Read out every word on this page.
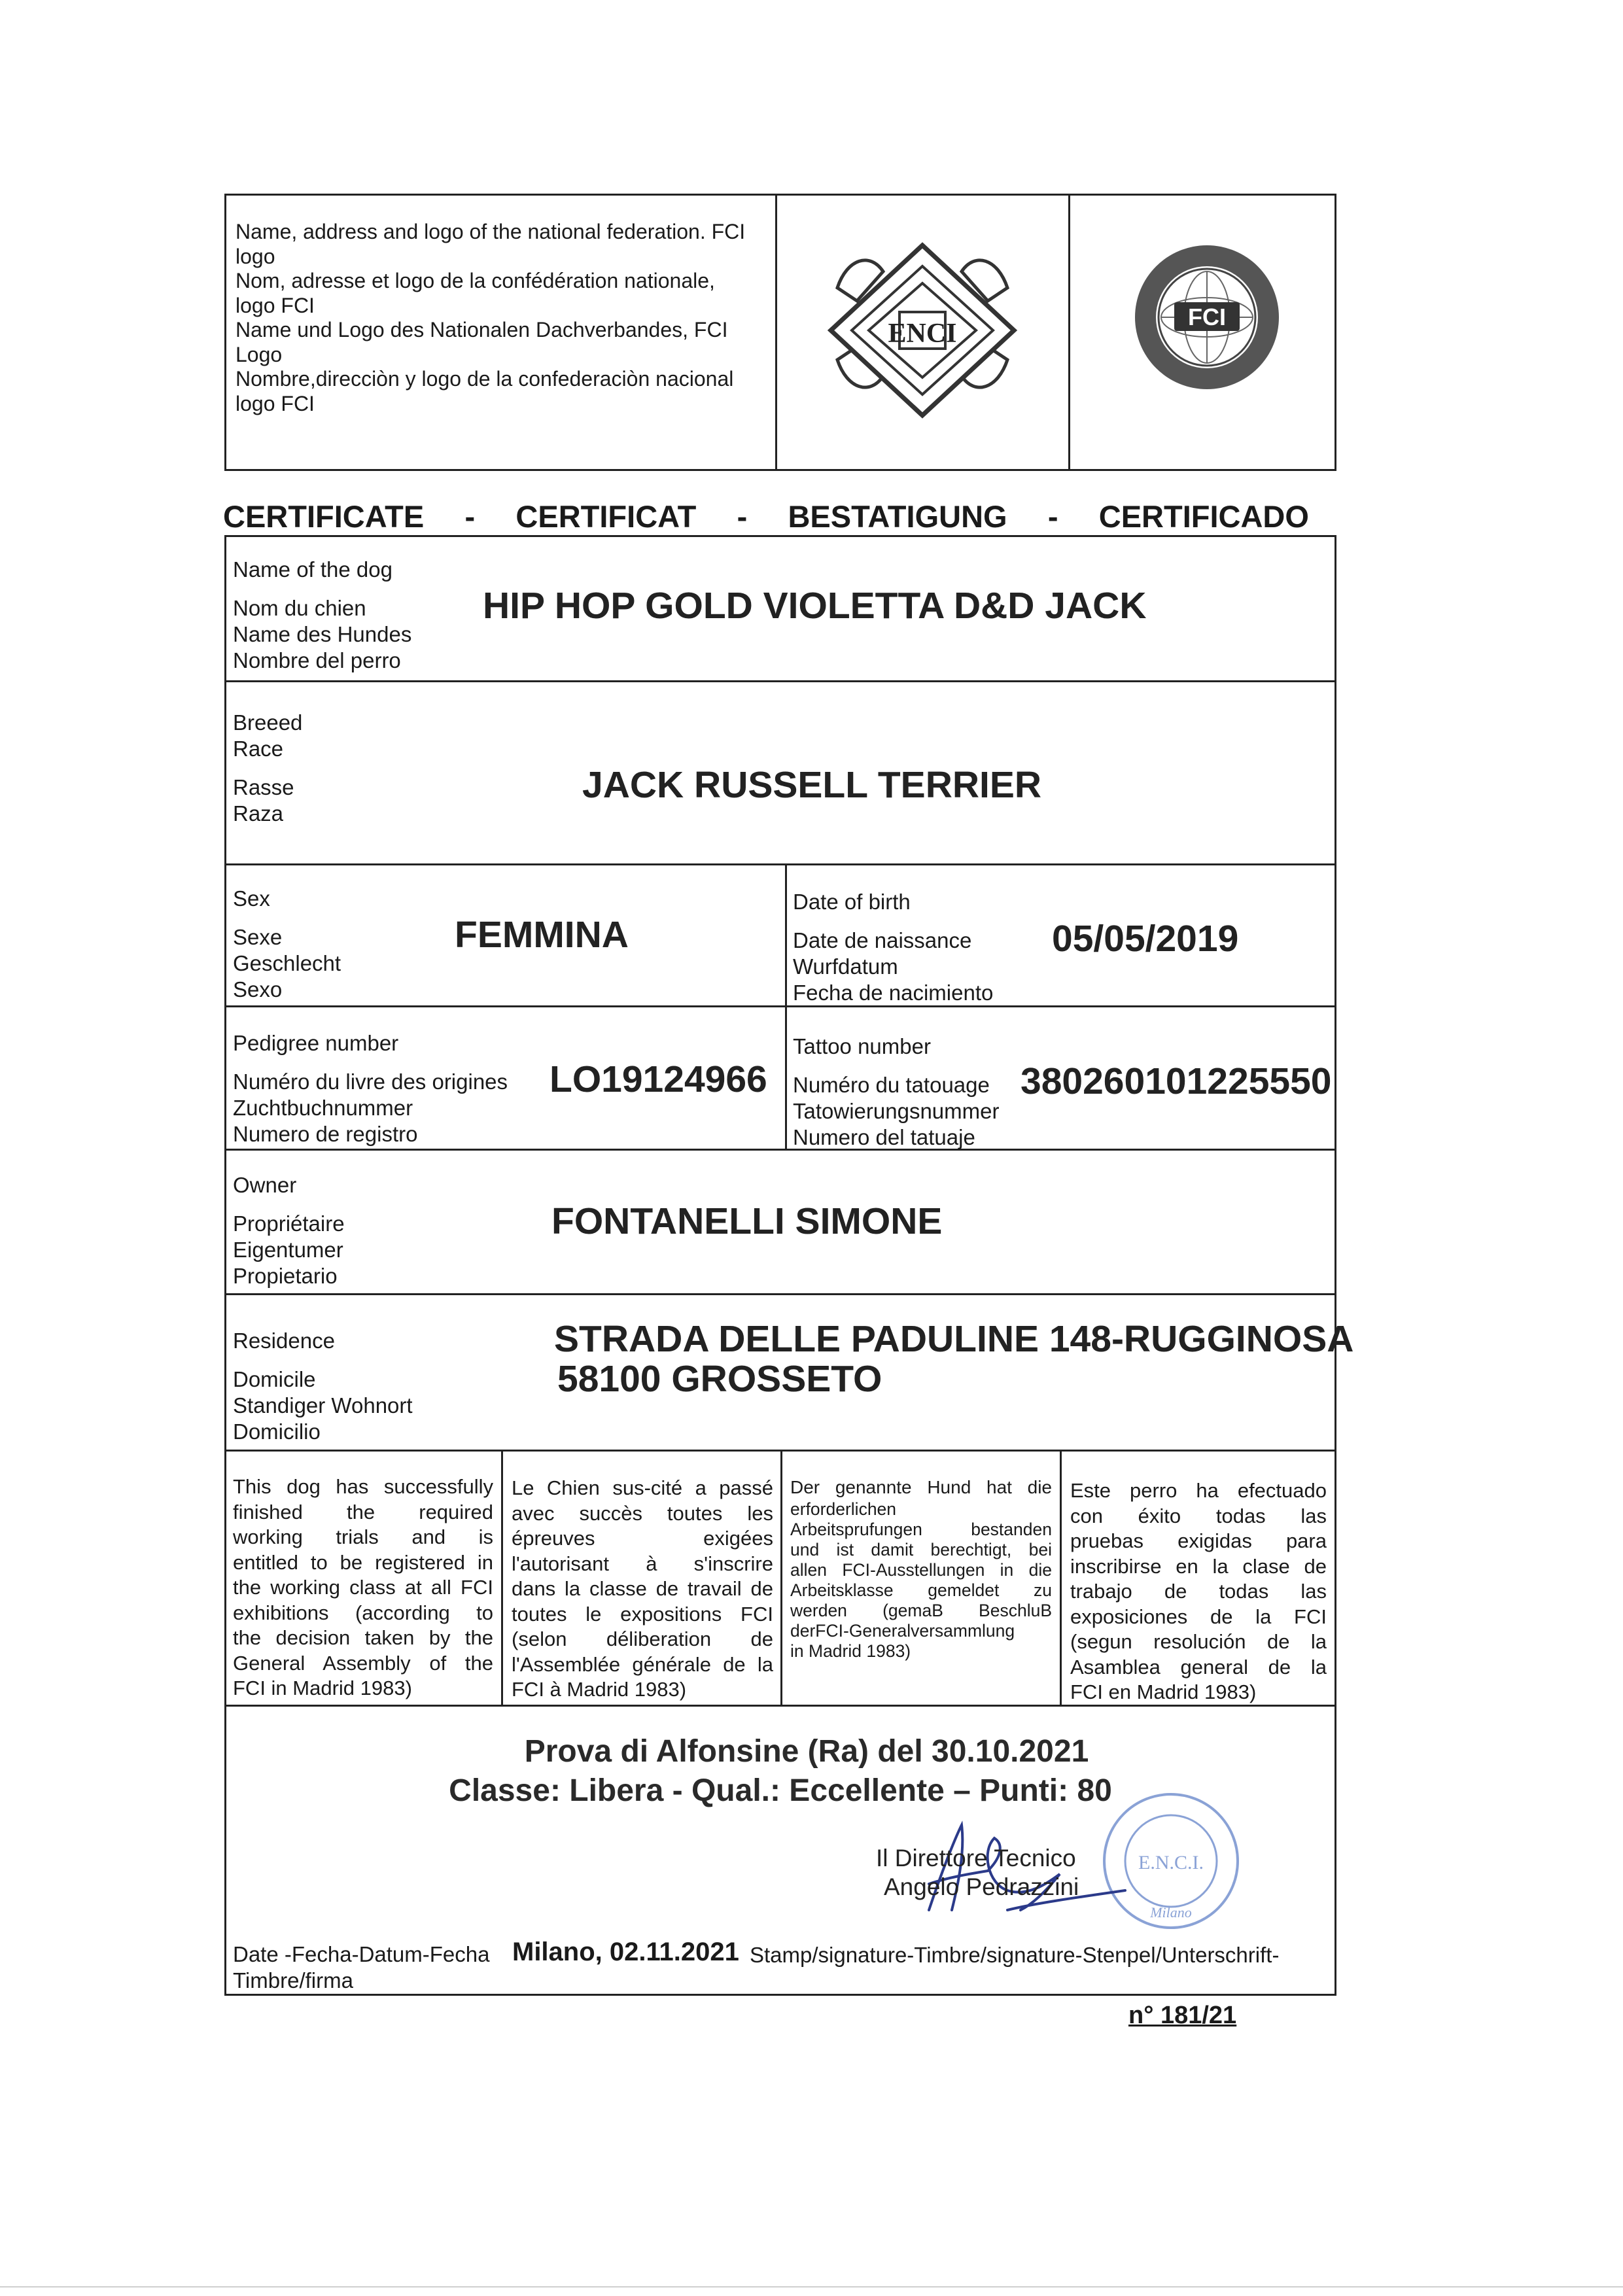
Name, address and logo of the national federation. FCI
logo
Nom, adresse et logo de la confédération nationale,
logo FCI
Name und Logo des Nationalen Dachverbandes, FCI
Logo
Nombre,direcciòn y logo de la confederaciòn nacional
logo FCI
ENCI
FCI
CERTIFICATE - CERTIFICAT - BESTATIGUNG - CERTIFICADO
Name of the dog
Nom du chien
Name des Hundes
Nombre del perro
HIP HOP GOLD VIOLETTA D&D JACK
Breeed
Race
Rasse
Raza
JACK RUSSELL TERRIER
Sex
Sexe
Geschlecht
Sexo
FEMMINA
Date of birth
Date de naissance
Wurfdatum
Fecha de nacimiento
05/05/2019
Pedigree number
Numéro du livre des origines
Zuchtbuchnummer
Numero de registro
LO19124966
Tattoo number
Numéro du tatouage
Tatowierungsnummer
Numero del tatuaje
380260101225550
Owner
Propriétaire
Eigentumer
Propietario
FONTANELLI SIMONE
Residence
Domicile
Standiger Wohnort
Domicilio
STRADA DELLE PADULINE 148-RUGGINOSA
58100 GROSSETO
This dog has successfully
finished the required
working trials and is
entitled to be registered in
the working class at all FCI
exhibitions (according to
the decision taken by the
General Assembly of the
FCI in Madrid 1983)
Le Chien sus-cité a passé
avec succès toutes les
épreuves exigées
l'autorisant à s'inscrire
dans la classe de travail de
toutes le expositions FCI
(selon déliberation de
l'Assemblée générale de la
FCI à Madrid 1983)
Der genannte Hund hat die
erforderlichen
Arbeitsprufungen bestanden
und ist damit berechtigt, bei
allen FCI-Ausstellungen in die
Arbeitsklasse gemeldet zu
werden (gemaB BeschluB
derFCI-Generalversammlung
in Madrid 1983)
Este perro ha efectuado
con éxito todas las
pruebas exigidas para
inscribirse en la clase de
trabajo de todas las
exposiciones de la FCI
(segun resolución de la
Asamblea general de la
FCI en Madrid 1983)
Prova di Alfonsine (Ra) del 30.10.2021
Classe: Libera - Qual.: Eccellente – Punti: 80
E.N.C.I.
Milano
Il Direttore Tecnico
Angelo Pedrazzini
Date -Fecha-Datum-Fecha
Timbre/firma
Milano, 02.11.2021 Stamp/signature-Timbre/signature-Stenpel/Unterschrift-
n° 181/21
